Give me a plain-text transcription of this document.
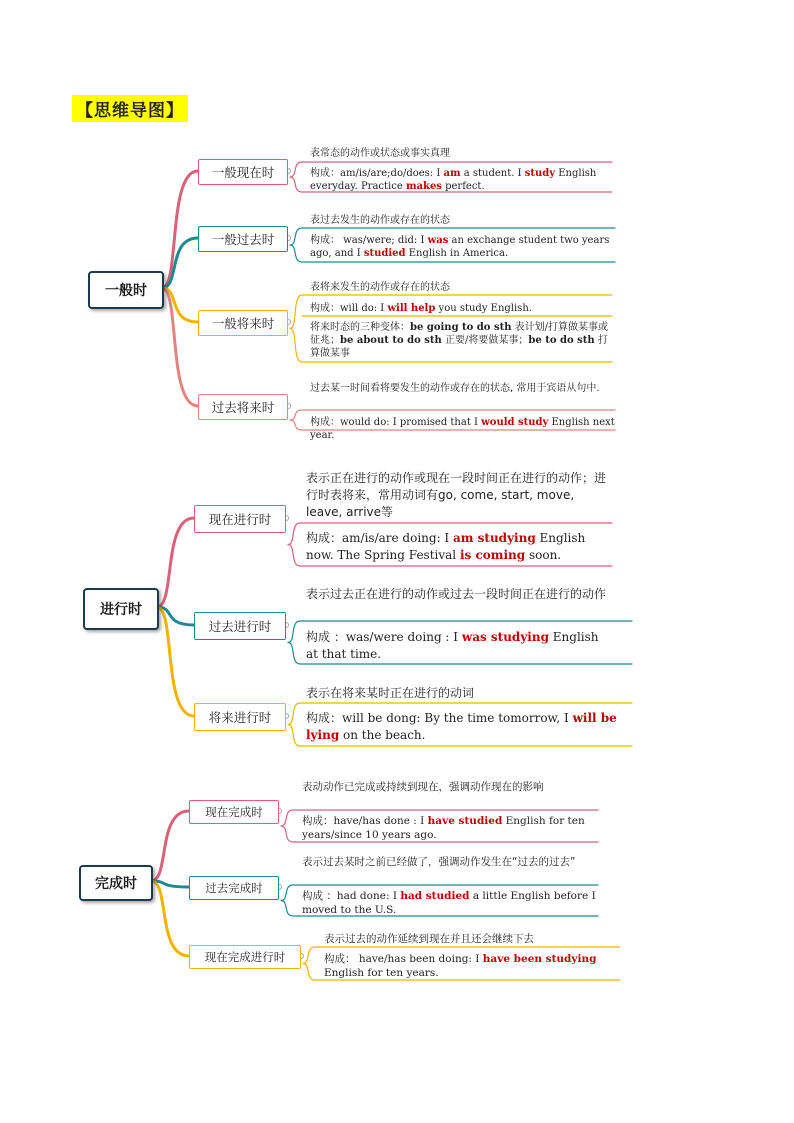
【思维导图】
一般时
一般现在时
表常态的动作或状态或事实真理
构成：am/is/are;do/does: I am a student. I study English everyday. Practice makes perfect.
一般过去时
表过去发生的动作或存在的状态
构成： was/were; did: I was an exchange student two years ago, and I studied English in America.
一般将来时
表将来发生的动作或存在的状态
构成：will do: I will help you study English.
将来时态的三种变体：be going to do sth 表计划/打算做某事或征兆；be about to do sth 正要/将要做某事；be to do sth 打算做某事
过去将来时
过去某一时间看将要发生的动作或存在的状态, 常用于宾语从句中.
构成：would do: I promised that I would study English next year.
进行时
现在进行时
表示正在进行的动作或现在一段时间正在进行的动作；进行时表将来，常用动词有go, come, start, move, leave, arrive等
构成：am/is/are doing: I am studying English now. The Spring Festival is coming soon.
过去进行时
表示过去正在进行的动作或过去一段时间正在进行的动作
构成 ：was/were doing : I was studying English at that time.
将来进行时
表示在将来某时正在进行的动词
构成：will be dong: By the time tomorrow, I will be lying on the beach.
完成时
现在完成时
表动动作已完成或持续到现在，强调动作现在的影响
构成：have/has done : I have studied English for ten years/since 10 years ago.
过去完成时
表示过去某时之前已经做了，强调动作发生在“过去的过去”
构成 ：had done: I had studied a little English before I moved to the U.S.
现在完成进行时
表示过去的动作延续到现在并且还会继续下去
构成： have/has been doing: I have been studying English for ten years.
